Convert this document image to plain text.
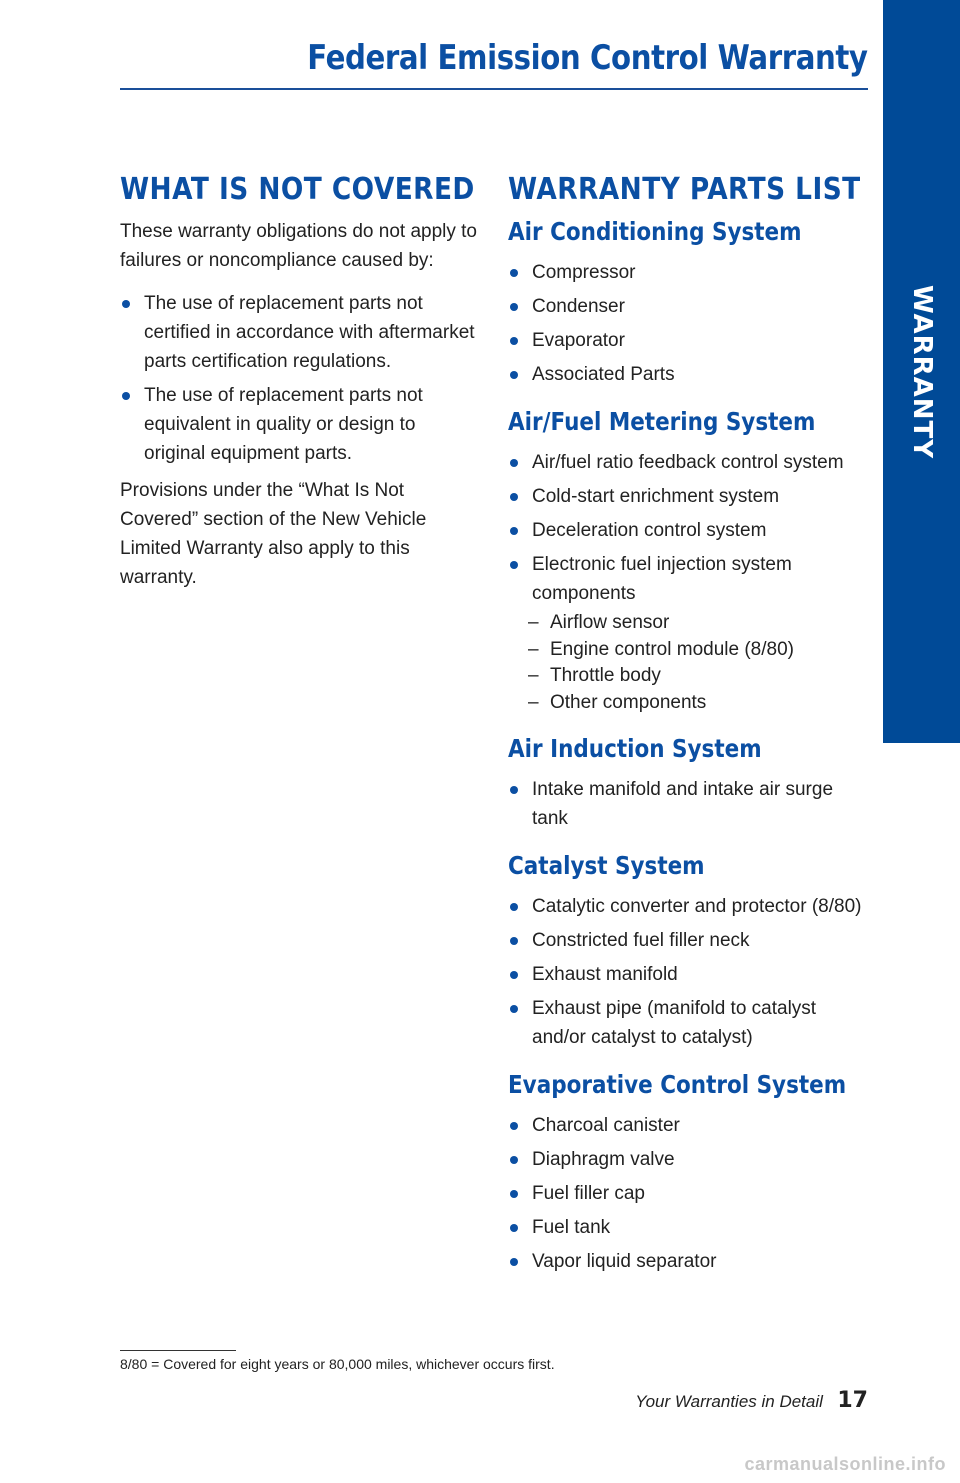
Federal Emission Control Warranty
WARRANTY
WHAT IS NOT COVERED

These warranty obligations do not apply to failures or noncompliance caused by:

The use of replacement parts not certified in accordance with aftermarket parts certification regulations.
The use of replacement parts not equivalent in quality or design to original equipment parts.

Provisions under the “What Is Not Covered” section of the New Vehicle Limited Warranty also apply to this warranty.

WARRANTY PARTS LIST
Air Conditioning System
Compressor
Condenser
Evaporator
Associated Parts
Air/Fuel Metering System
Air/fuel ratio feedback control system
Cold-start enrichment system
Deceleration control system
Electronic fuel injection system components
– Airflow sensor
– Engine control module (8/80)
– Throttle body
– Other components
Air Induction System
Intake manifold and intake air surge tank
Catalyst System
Catalytic converter and protector (8/80)
Constricted fuel filler neck
Exhaust manifold
Exhaust pipe (manifold to catalyst and/or catalyst to catalyst)
Evaporative Control System
Charcoal canister
Diaphragm valve
Fuel filler cap
Fuel tank
Vapor liquid separator
8/80 = Covered for eight years or 80,000 miles, whichever occurs first.
Your Warranties in Detail 17
carmanualsonline.info
